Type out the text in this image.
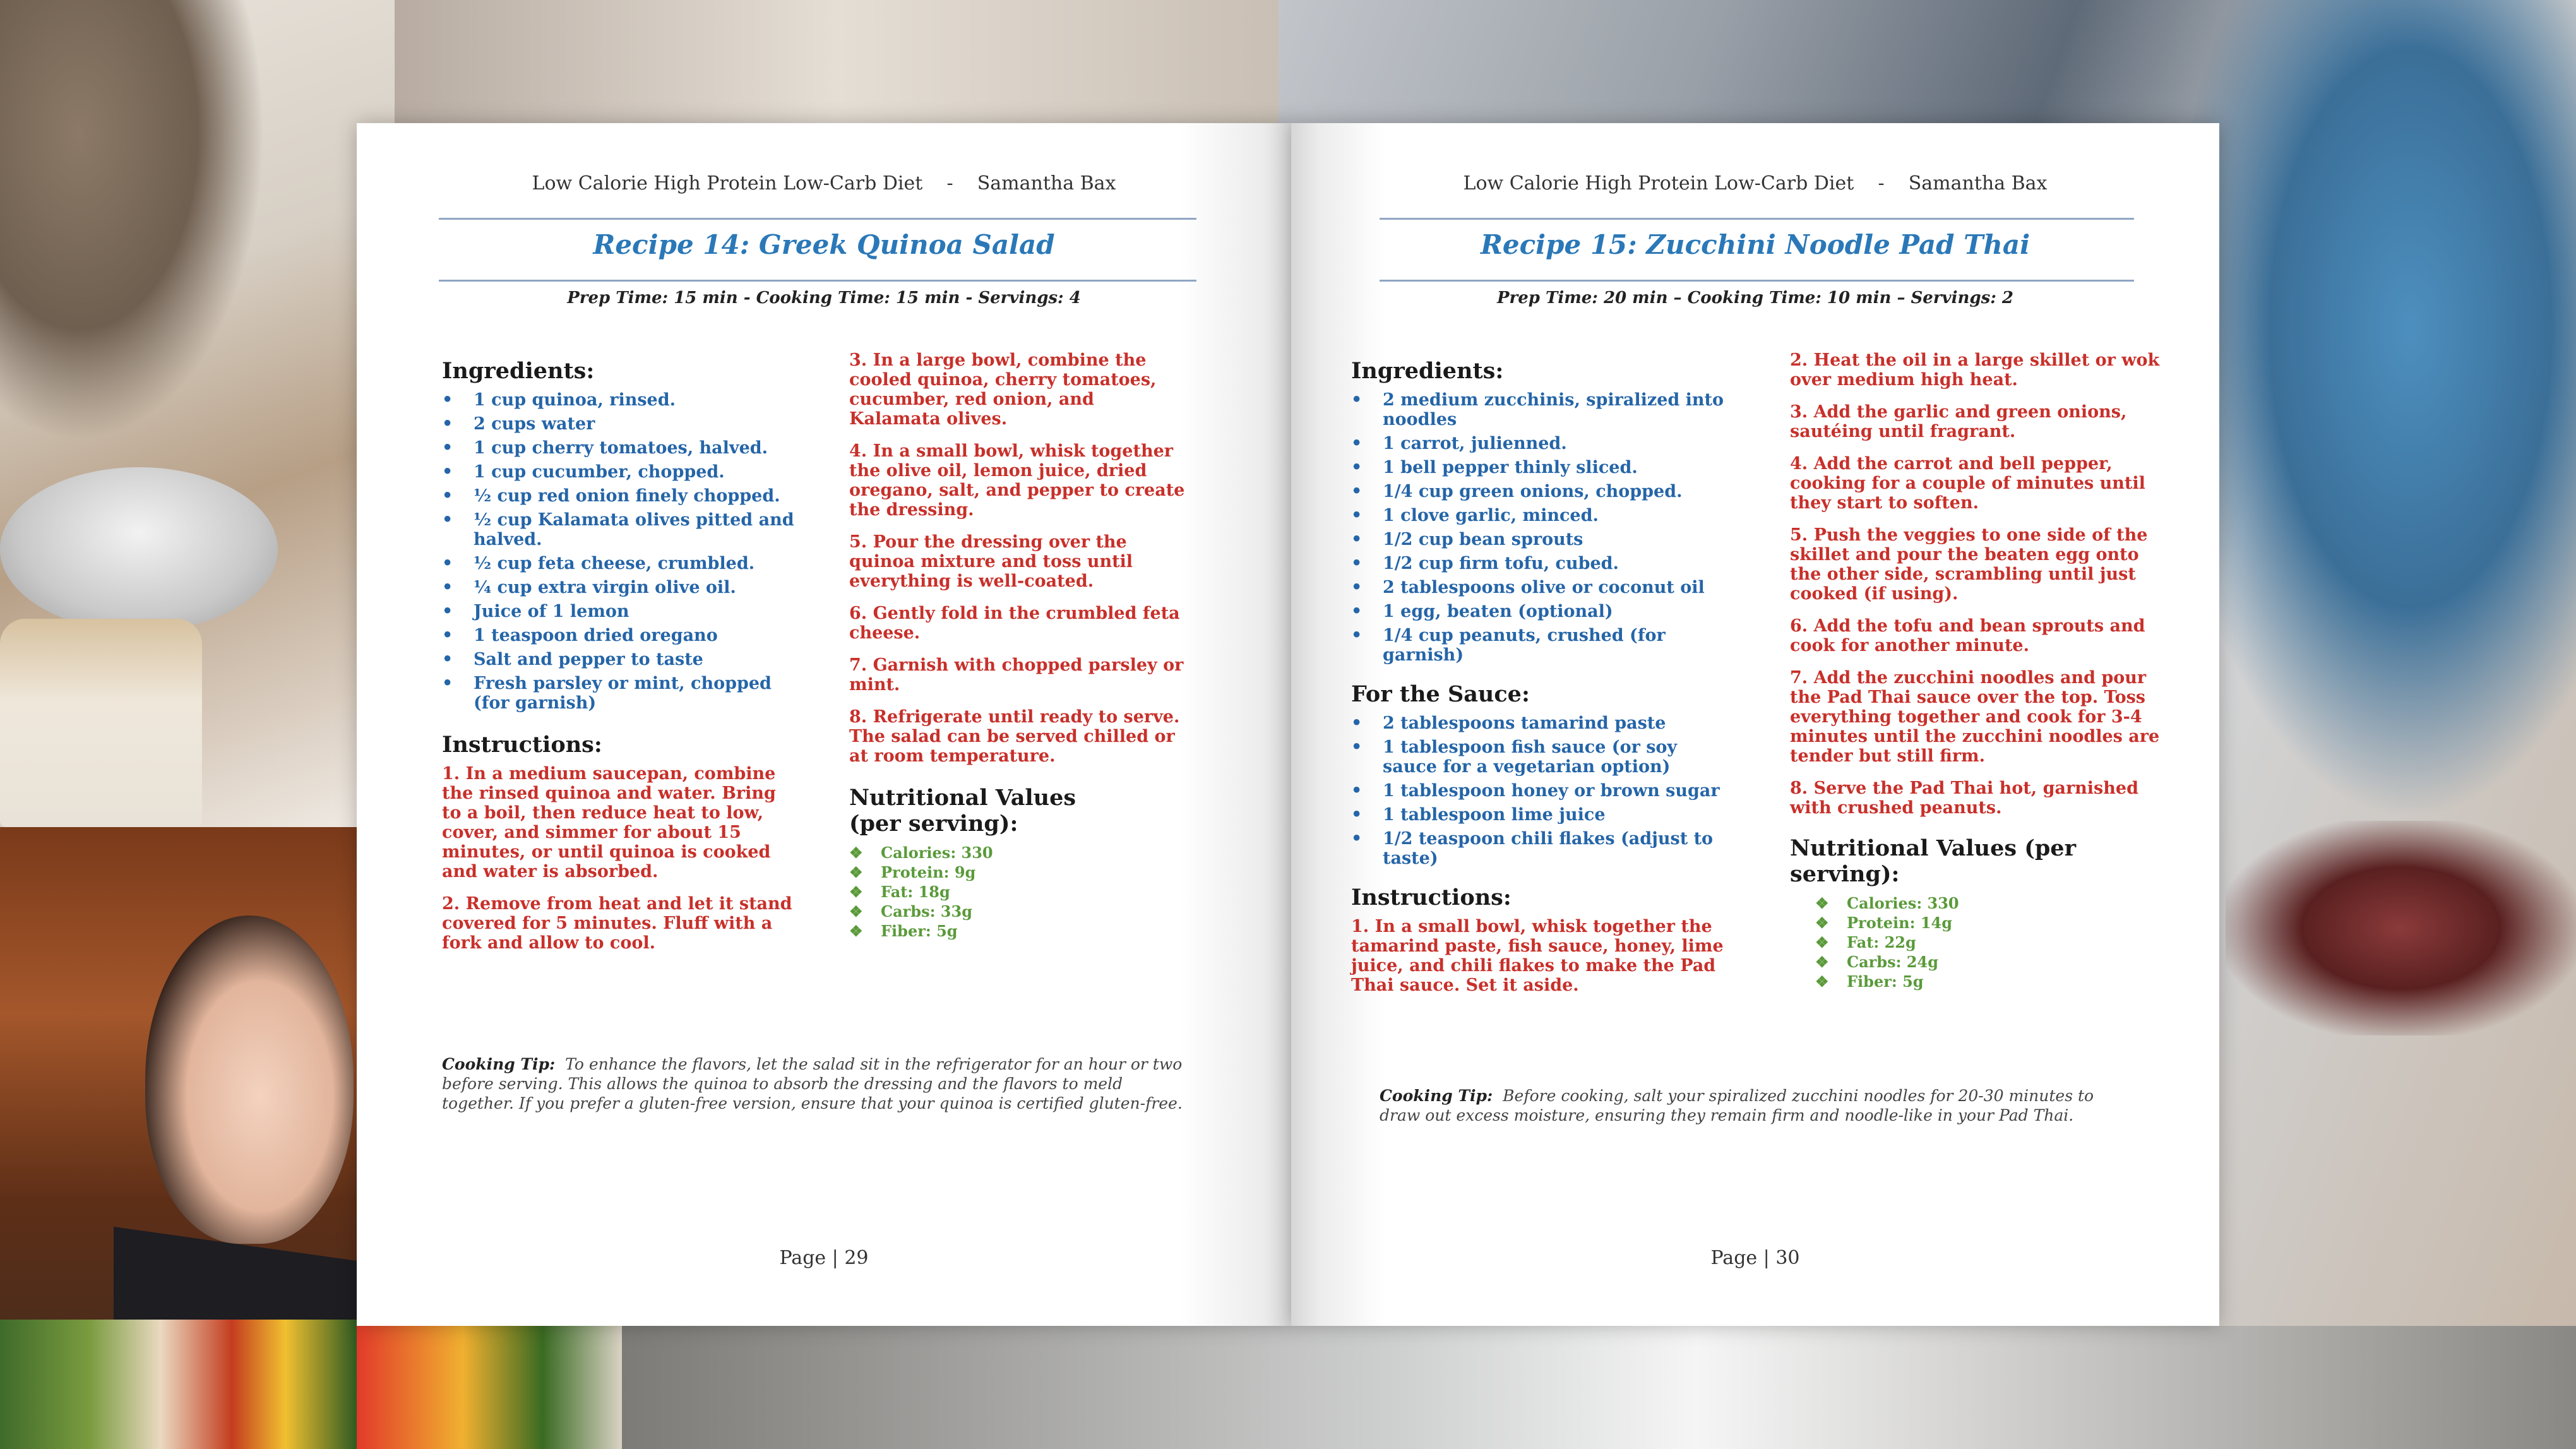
Low Calorie High Protein Low-Carb Diet - Samantha Bax
Recipe 14: Greek Quinoa Salad
Prep Time: 15 min - Cooking Time: 15 min - Servings: 4
Ingredients:
• 1 cup quinoa, rinsed.
• 2 cups water
• 1 cup cherry tomatoes, halved.
• 1 cup cucumber, chopped.
• ½ cup red onion finely chopped.
• ½ cup Kalamata olives pitted and halved.
• ½ cup feta cheese, crumbled.
• ¼ cup extra virgin olive oil.
• Juice of 1 lemon
• 1 teaspoon dried oregano
• Salt and pepper to taste
• Fresh parsley or mint, chopped (for garnish)
Instructions:

1. In a medium saucepan, combine the rinsed quinoa and water. Bring to a boil, then reduce heat to low, cover, and simmer for about 15 minutes, or until quinoa is cooked and water is absorbed.

2. Remove from heat and let it stand covered for 5 minutes. Fluff with a fork and allow to cool.

3. In a large bowl, combine the cooled quinoa, cherry tomatoes, cucumber, red onion, and Kalamata olives.

4. In a small bowl, whisk together the olive oil, lemon juice, dried oregano, salt, and pepper to create the dressing.

5. Pour the dressing over the quinoa mixture and toss until everything is well-coated.

6. Gently fold in the crumbled feta cheese.

7. Garnish with chopped parsley or mint.

8. Refrigerate until ready to serve. The salad can be served chilled or at room temperature.

Nutritional Values (per serving):
❖ Calories: 330
❖ Protein: 9g
❖ Fat: 18g
❖ Carbs: 33g
❖ Fiber: 5g
Cooking Tip: To enhance the flavors, let the salad sit in the refrigerator for an hour or two before serving. This allows the quinoa to absorb the dressing and the flavors to meld together. If you prefer a gluten-free version, ensure that your quinoa is certified gluten-free.
Page | 29
Low Calorie High Protein Low-Carb Diet - Samantha Bax
Recipe 15: Zucchini Noodle Pad Thai
Prep Time: 20 min – Cooking Time: 10 min – Servings: 2
Ingredients:
• 2 medium zucchinis, spiralized into noodles
• 1 carrot, julienned.
• 1 bell pepper thinly sliced.
• 1/4 cup green onions, chopped.
• 1 clove garlic, minced.
• 1/2 cup bean sprouts
• 1/2 cup firm tofu, cubed.
• 2 tablespoons olive or coconut oil
• 1 egg, beaten (optional)
• 1/4 cup peanuts, crushed (for garnish)
For the Sauce:
• 2 tablespoons tamarind paste
• 1 tablespoon fish sauce (or soy sauce for a vegetarian option)
• 1 tablespoon honey or brown sugar
• 1 tablespoon lime juice
• 1/2 teaspoon chili flakes (adjust to taste)
Instructions:

1. In a small bowl, whisk together the tamarind paste, fish sauce, honey, lime juice, and chili flakes to make the Pad Thai sauce. Set it aside.

2. Heat the oil in a large skillet or wok over medium high heat.

3. Add the garlic and green onions, sautéing until fragrant.

4. Add the carrot and bell pepper, cooking for a couple of minutes until they start to soften.

5. Push the veggies to one side of the skillet and pour the beaten egg onto the other side, scrambling until just cooked (if using).

6. Add the tofu and bean sprouts and cook for another minute.

7. Add the zucchini noodles and pour the Pad Thai sauce over the top. Toss everything together and cook for 3-4 minutes until the zucchini noodles are tender but still firm.

8. Serve the Pad Thai hot, garnished with crushed peanuts.

Nutritional Values (per serving):
❖ Calories: 330
❖ Protein: 14g
❖ Fat: 22g
❖ Carbs: 24g
❖ Fiber: 5g
Cooking Tip: Before cooking, salt your spiralized zucchini noodles for 20-30 minutes to draw out excess moisture, ensuring they remain firm and noodle-like in your Pad Thai.
Page | 30
